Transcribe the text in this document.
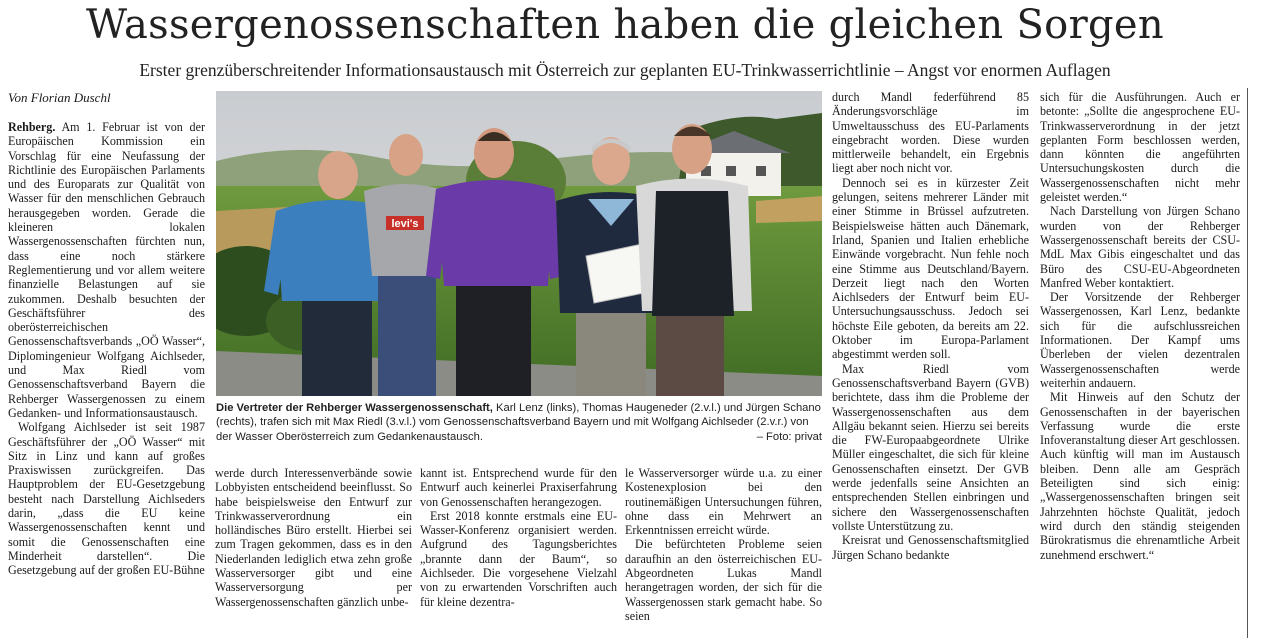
Wassergenossenschaften haben die gleichen Sorgen
Erster grenzüberschreitender Informationsaustausch mit Österreich zur geplanten EU-Trinkwasserrichtlinie – Angst vor enormen Auflagen
Von Florian Duschl

Rehberg. Am 1. Februar ist von der Europäischen Kommission ein Vorschlag für eine Neufassung der Richtlinie des Europäischen Parlaments und des Europarats zur Qualität von Wasser für den menschlichen Gebrauch herausgegeben worden. Gerade die kleineren lokalen Wassergenossenschaften fürchten nun, dass eine noch stärkere Reglementierung und vor allem weitere finanzielle Belastungen auf sie zukommen. Deshalb besuchten der Geschäftsführer des oberösterreichischen Genossenschaftsverbands „OÖ Wasser“, Diplomingenieur Wolfgang Aichlseder, und Max Riedl vom Genossenschaftsverband Bayern die Rehberger Wassergenossen zu einem Gedanken- und Informationsaustausch.

Wolfgang Aichlseder ist seit 1987 Geschäftsführer der „OÖ Wasser“ mit Sitz in Linz und kann auf großes Praxiswissen zurückgreifen. Das Hauptproblem der EU-Gesetzgebung besteht nach Darstellung Aichlseders darin, „dass die EU keine Wassergenossenschaften kennt und somit die Genossenschaften eine Minderheit darstellen“. Die Gesetzgebung auf der großen EU-Bühne

levi's
Die Vertreter der Rehberger Wassergenossenschaft, Karl Lenz (links), Thomas Haugeneder (2.v.l.) und Jürgen Schano (rechts), trafen sich mit Max Riedl (3.v.l.) vom Genossenschaftsverband Bayern und mit Wolfgang Aichlseder (2.v.r.) von der Wasser Oberösterreich zum Gedankenaustausch.	– Foto: privat

werde durch Interessenverbände sowie Lobbyisten entscheidend beeinflusst. So habe beispielsweise den Entwurf zur Trinkwasserverordnung ein holländisches Büro erstellt. Hierbei sei zum Tragen gekommen, dass es in den Niederlanden lediglich etwa zehn große Wasserversorger gibt und eine Wasserversorgung per Wassergenossenschaften gänzlich unbe-

kannt ist. Entsprechend wurde für den Entwurf auch keinerlei Praxiserfahrung von Genossenschaften herangezogen.

Erst 2018 konnte erstmals eine EU-Wasser-Konferenz organisiert werden. Aufgrund des Tagungsberichtes „brannte dann der Baum“, so Aichlseder. Die vorgesehene Vielzahl von zu erwartenden Vorschriften auch für kleine dezentra-

le Wasserversorger würde u.a. zu einer Kostenexplosion bei den routinemäßigen Untersuchungen führen, ohne dass ein Mehrwert an Erkenntnissen erreicht würde.

Die befürchteten Probleme seien daraufhin an den österreichischen EU-Abgeordneten Lukas Mandl herangetragen worden, der sich für die Wassergenossen stark gemacht habe. So seien

durch Mandl federführend 85 Änderungsvorschläge im Umweltausschuss des EU-Parlaments eingebracht worden. Diese wurden mittlerweile behandelt, ein Ergebnis liegt aber noch nicht vor.

Dennoch sei es in kürzester Zeit gelungen, seitens mehrerer Länder mit einer Stimme in Brüssel aufzutreten. Beispielsweise hätten auch Dänemark, Irland, Spanien und Italien erhebliche Einwände vorgebracht. Nun fehle noch eine Stimme aus Deutschland/Bayern. Derzeit liegt nach den Worten Aichlseders der Entwurf beim EU-Untersuchungsausschuss. Jedoch sei höchste Eile geboten, da bereits am 22. Oktober im Europa-Parlament abgestimmt werden soll.

Max Riedl vom Genossenschaftsverband Bayern (GVB) berichtete, dass ihm die Probleme der Wassergenossenschaften aus dem Allgäu bekannt seien. Hierzu sei bereits die FW-Europaabgeordnete Ulrike Müller eingeschaltet, die sich für kleine Genossenschaften einsetzt. Der GVB werde jedenfalls seine Ansichten an entsprechenden Stellen einbringen und sichere den Wassergenossenschaften vollste Unterstützung zu.

Kreisrat und Genossenschaftsmitglied Jürgen Schano bedankte

sich für die Ausführungen. Auch er betonte: „Sollte die angesprochene EU-Trinkwasserverordnung in der jetzt geplanten Form beschlossen werden, dann könnten die angeführten Untersuchungskosten durch die Wassergenossenschaften nicht mehr geleistet werden.“

Nach Darstellung von Jürgen Schano wurden von der Rehberger Wassergenossenschaft bereits der CSU-MdL Max Gibis eingeschaltet und das Büro des CSU-EU-Abgeordneten Manfred Weber kontaktiert.

Der Vorsitzende der Rehberger Wassergenossen, Karl Lenz, bedankte sich für die aufschlussreichen Informationen. Der Kampf ums Überleben der vielen dezentralen Wassergenossenschaften werde weiterhin andauern.

Mit Hinweis auf den Schutz der Genossenschaften in der bayerischen Verfassung wurde die erste Infoveranstaltung dieser Art geschlossen. Auch künftig will man im Austausch bleiben. Denn alle am Gespräch Beteiligten sind sich einig: „Wassergenossenschaften bringen seit Jahrzehnten höchste Qualität, jedoch wird durch den ständig steigenden Bürokratismus die ehrenamtliche Arbeit zunehmend erschwert.“
